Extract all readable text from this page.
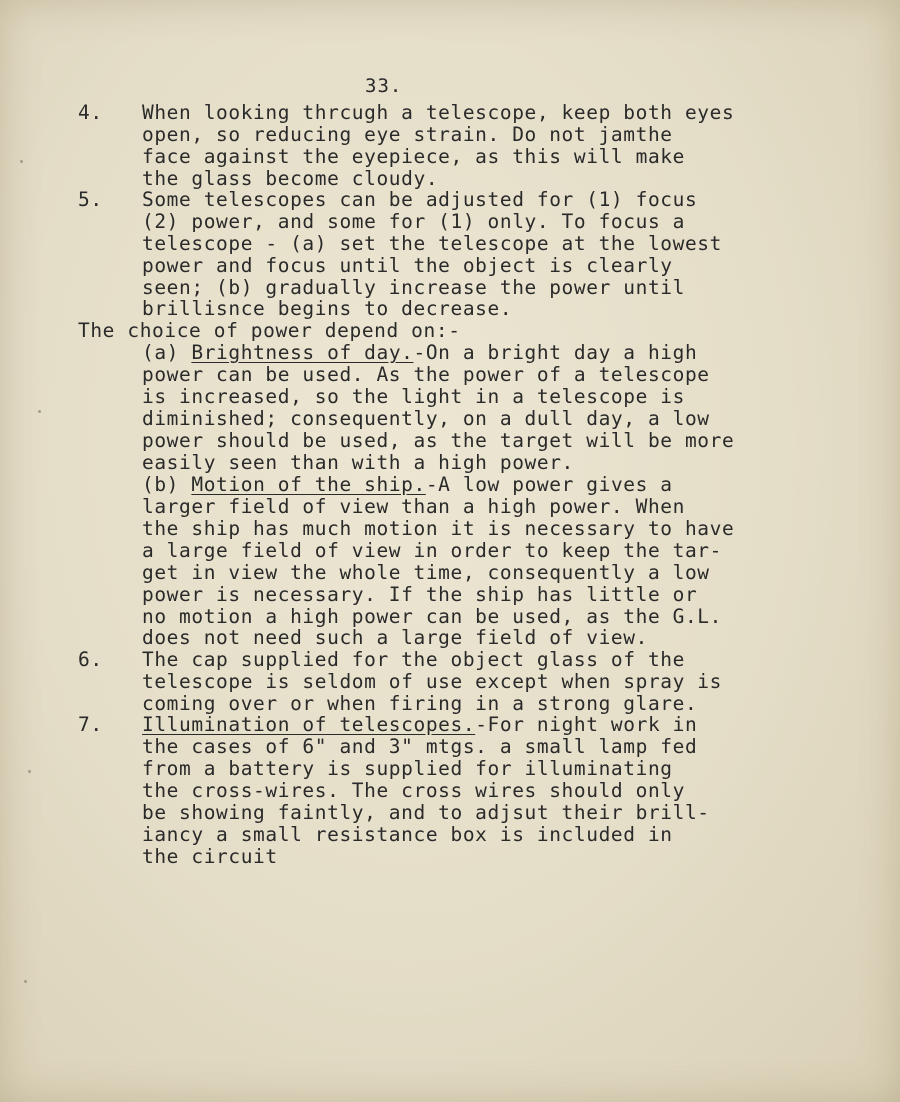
33.
4. When looking thrcugh a telescope, keep both eyes
open, so reducing eye strain. Do not jamthe
face against the eyepiece, as this will make
the glass become cloudy.
5. Some telescopes can be adjusted for (1) focus
(2) power, and some for (1) only. To focus a
telescope - (a) set the telescope at the lowest
power and focus until the object is clearly
seen; (b) gradually increase the power until
brillisnce begins to decrease.
The choice of power depend on:-
(a) Brightness of day.-On a bright day a high
power can be used. As the power of a telescope
is increased, so the light in a telescope is
diminished; consequently, on a dull day, a low
power should be used, as the target will be more
easily seen than with a high power.
(b) Motion of the ship.-A low power gives a
larger field of view than a high power. When
the ship has much motion it is necessary to have
a large field of view in order to keep the tar-
get in view the whole time, consequently a low
power is necessary. If the ship has little or
no motion a high power can be used, as the G.L.
does not need such a large field of view.
6. The cap supplied for the object glass of the
telescope is seldom of use except when spray is
coming over or when firing in a strong glare.
7. Illumination of telescopes.-For night work in
the cases of 6" and 3" mtgs. a small lamp fed
from a battery is supplied for illuminating
the cross-wires. The cross wires should only
be showing faintly, and to adjsut their brill-
iancy a small resistance box is included in
the circuit
